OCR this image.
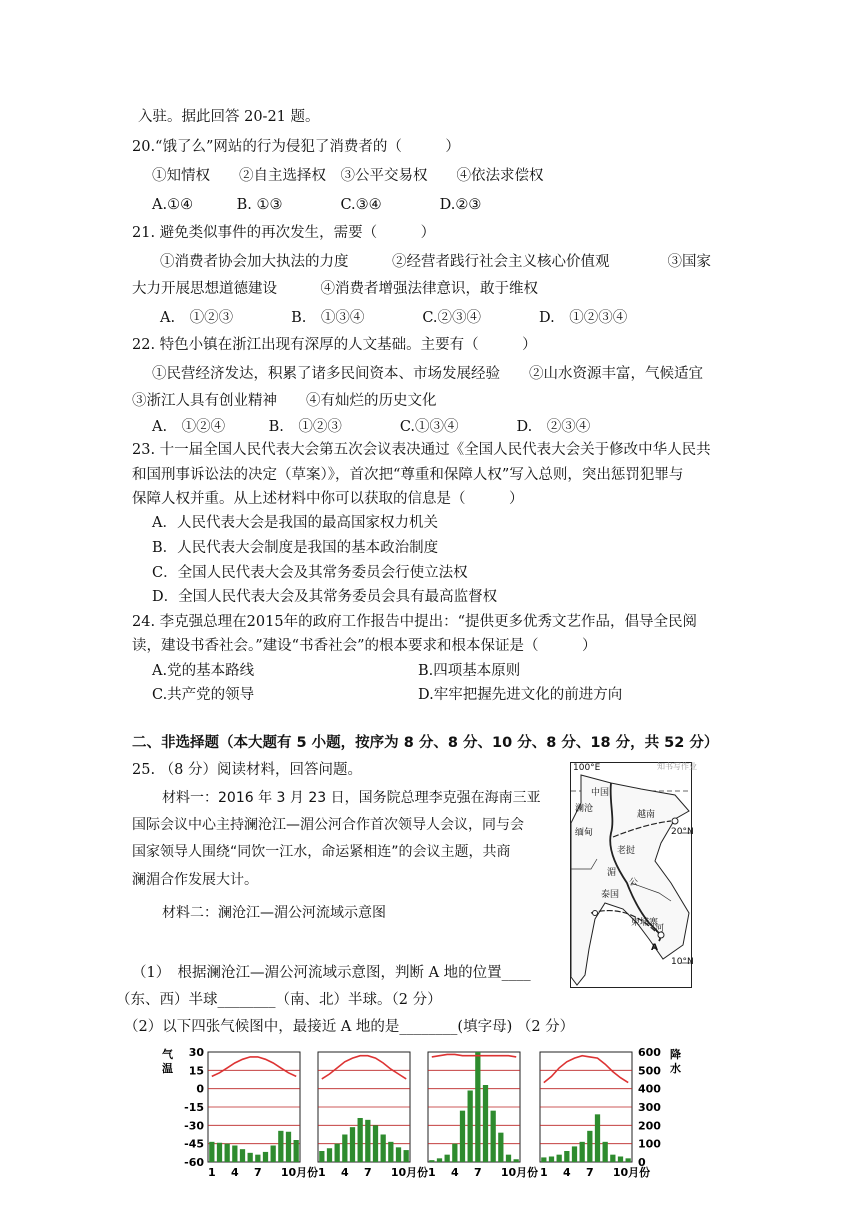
入驻。据此回答 20-21 题。
20.“饿了么”网站的行为侵犯了消费者的（　　　）
①知情权　　②自主选择权　③公平交易权　　④依法求偿权
A.①④　　　B. ①③　　　　C.③④　　　　D.②③
21. 避免类似事件的再次发生，需要（　　　）
①消费者协会加大执法的力度　　　②经营者践行社会主义核心价值观　　　　③国家
大力开展思想道德建设　　　④消费者增强法律意识，敢于维权
A.　①②③　　　　B.　①③④　　　　C.②③④　　　　D.　①②③④
22. 特色小镇在浙江出现有深厚的人文基础。主要有（　　　）
①民营经济发达，积累了诸多民间资本、市场发展经验　　②山水资源丰富，气候适宜
③浙江人具有创业精神　　④有灿烂的历史文化
A.　①②④　　　B.　①②③　　　　C.①③④　　　　D.　②③④
23. 十一届全国人民代表大会第五次会议表决通过《全国人民代表大会关于修改中华人民共
和国刑事诉讼法的决定（草案）》，首次把“尊重和保障人权”写入总则，突出惩罚犯罪与
保障人权并重。从上述材料中你可以获取的信息是（　　　）
A．人民代表大会是我国的最高国家权力机关
B．人民代表大会制度是我国的基本政治制度
C．全国人民代表大会及其常务委员会行使立法权
D．全国人民代表大会及其常务委员会具有最高监督权
24. 李克强总理在2015年的政府工作报告中提出：“提供更多优秀文艺作品，倡导全民阅
读，建设书香社会。”建设“书香社会”的根本要求和根本保证是（　　　）
A.党的基本路线	B.四项基本原则
C.共产党的领导	D.牢牢把握先进文化的前进方向
二、非选择题（本大题有 5 小题，按序为 8 分、8 分、10 分、8 分、18 分，共 52 分）
25. （8 分）阅读材料，回答问题。
材料一：2016 年 3 月 23 日，国务院总理李克强在海南三亚
国际会议中心主持澜沧江—湄公河合作首次领导人会议，同与会
国家领导人围绕“同饮一江水，命运紧相连”的会议主题，共商
澜湄合作发展大计。
材料二：澜沧江—湄公河流域示意图
（1）　根据澜沧江—湄公河流域示意图，判断 A 地的位置____
（东、西）半球________（南、北）半球。（2 分）
（2）以下四张气候图中，最接近 A 地的是________(填字母) （2 分）
100°E	知书写作业
中国
澜沧
越南
缅甸	20°N
老挝
湄
公
泰国
柬埔寨
河
A
10°N
气
温
30
15
0
-15
-30
-45
-60
600
500
400
300
200
100
0
降
水
1 4 7 10月份 1 4 7 10月份 1 4 7 10月份 1 4 7 10月份
